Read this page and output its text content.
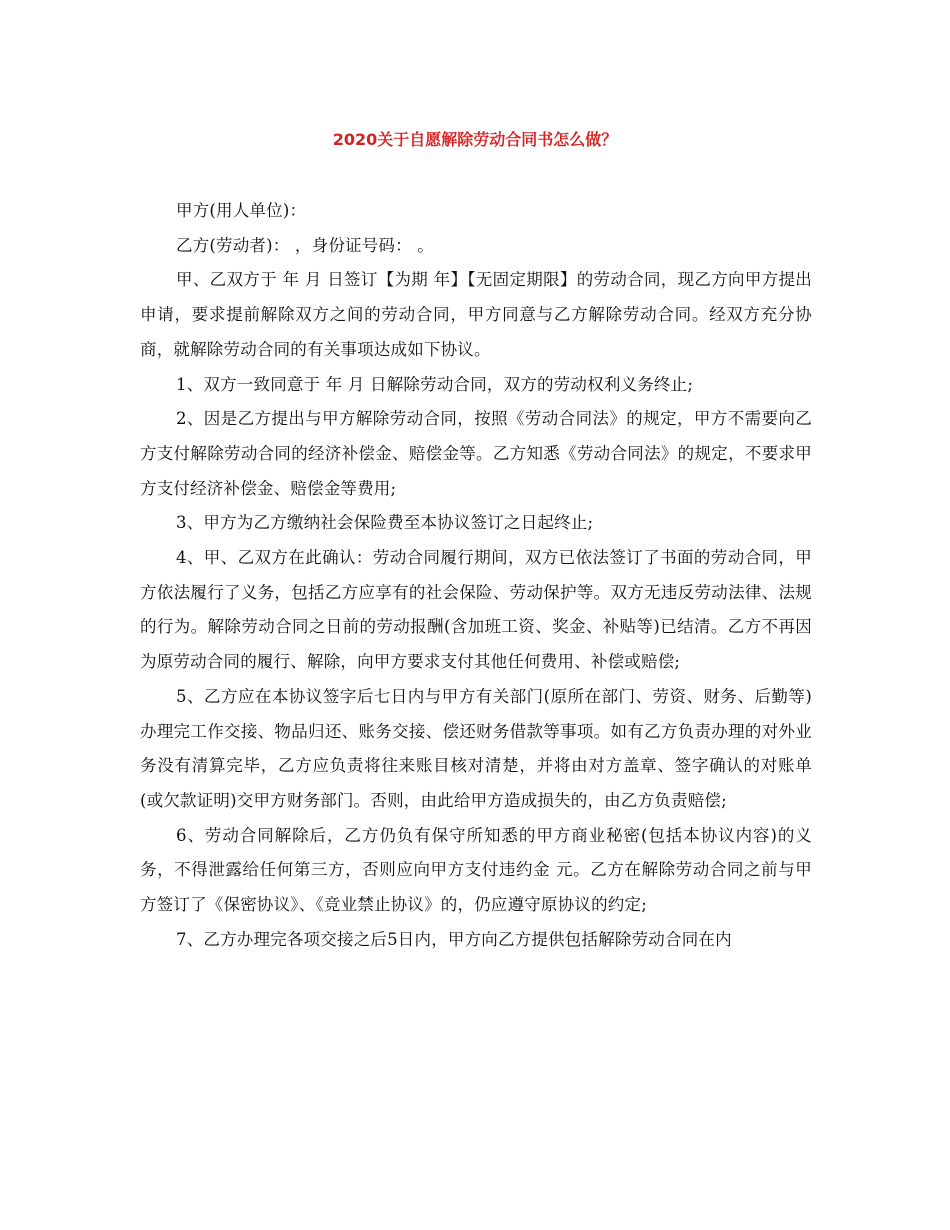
2020关于自愿解除劳动合同书怎么做？

甲方(用人单位)：

乙方(劳动者)： ，身份证号码： 。

甲、乙双方于 年 月 日签订【为期 年】【无固定期限】的劳动合同，现乙方向甲方提出申请，要求提前解除双方之间的劳动合同，甲方同意与乙方解除劳动合同。经双方充分协商，就解除劳动合同的有关事项达成如下协议。

1、双方一致同意于 年 月 日解除劳动合同，双方的劳动权利义务终止;

2、因是乙方提出与甲方解除劳动合同，按照《劳动合同法》的规定，甲方不需要向乙方支付解除劳动合同的经济补偿金、赔偿金等。乙方知悉《劳动合同法》的规定，不要求甲方支付经济补偿金、赔偿金等费用;

3、甲方为乙方缴纳社会保险费至本协议签订之日起终止;

4、甲、乙双方在此确认：劳动合同履行期间，双方已依法签订了书面的劳动合同，甲方依法履行了义务，包括乙方应享有的社会保险、劳动保护等。双方无违反劳动法律、法规的行为。解除劳动合同之日前的劳动报酬(含加班工资、奖金、补贴等)已结清。乙方不再因为原劳动合同的履行、解除，向甲方要求支付其他任何费用、补偿或赔偿;

5、乙方应在本协议签字后七日内与甲方有关部门(原所在部门、劳资、财务、后勤等)办理完工作交接、物品归还、账务交接、偿还财务借款等事项。如有乙方负责办理的对外业务没有清算完毕，乙方应负责将往来账目核对清楚，并将由对方盖章、签字确认的对账单(或欠款证明)交甲方财务部门。否则，由此给甲方造成损失的，由乙方负责赔偿;

6、劳动合同解除后，乙方仍负有保守所知悉的甲方商业秘密(包括本协议内容)的义务，不得泄露给任何第三方，否则应向甲方支付违约金 元。乙方在解除劳动合同之前与甲方签订了《保密协议》、《竞业禁止协议》的，仍应遵守原协议的约定;

7、乙方办理完各项交接之后5日内，甲方向乙方提供包括解除劳动合同在内
